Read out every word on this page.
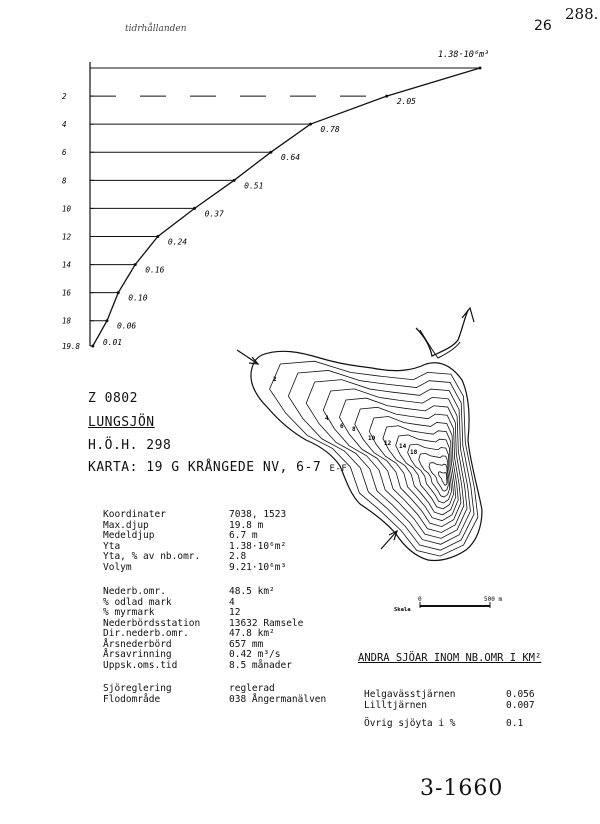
tidrhållanden	26
288.
2
4
6
8
10
12
14
16
18
19.8
2.05
0.78
0.64
0.51
0.37
0.24
0.16
0.10
0.06
0.01
1.38·10⁶m³
Z 0802
LUNGSJÖN
H.Ö.H. 298
KARTA: 19 G KRÅNGEDE NV, 6-7 E-F
Koordinater	7038, 1523
Max.djup	19.8 m
Medeldjup	6.7 m
Yta	1.38·10⁶m²
Yta, % av nb.omr.	2.8
Volym	9.21·10⁶m³
Nederb.omr.	48.5 km²
% odlad mark	4
% myrmark	12
Nederbördsstation	13632 Ramsele
Dir.nederb.omr.	47.8 km²
Årsnederbörd	657 mm
Årsavrinning	0.42 m³/s
Uppsk.oms.tid	8.5 månader
Sjöreglering	reglerad
Flodområde	038 Ångermanälven
2
4
6 8
10
12 14
18
Skala
0	500 m
ANDRA SJÖAR INOM NB.OMR I KM²
Helgavässtjärnen	0.056
Lilltjärnen	0.007
Övrig sjöyta i %	0.1
3-1660
